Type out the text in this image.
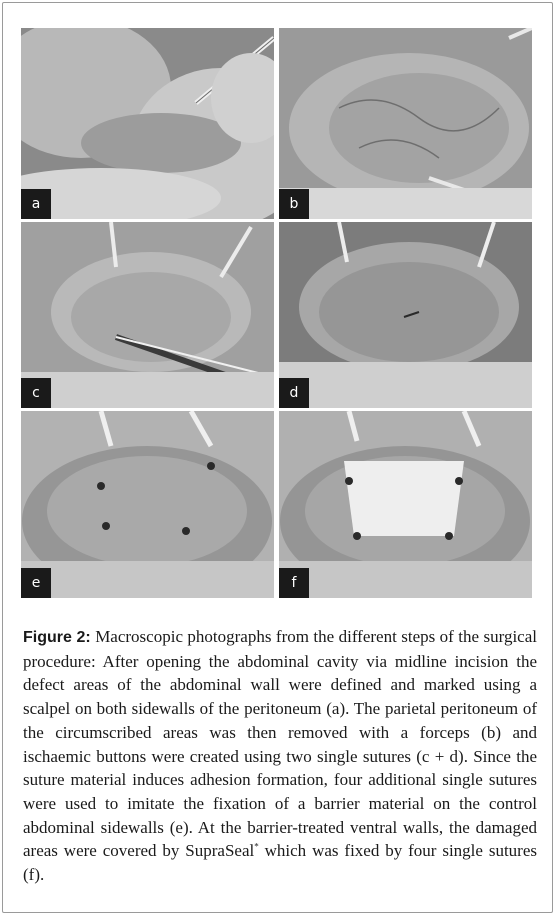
a	b
c	d
e	f

Figure 2: Macroscopic photographs from the different steps of the surgical procedure: After opening the abdominal cavity via midline incision the defect areas of the abdominal wall were defined and marked using a scalpel on both sidewalls of the peritoneum (a). The parietal peritoneum of the circumscribed areas was then removed with a forceps (b) and ischaemic buttons were created using two single sutures (c + d). Since the suture material induces adhesion formation, four additional single sutures were used to imitate the fixation of a barrier material on the control abdominal sidewalls (e). At the barrier-treated ventral walls, the damaged areas were covered by SupraSeal* which was fixed by four single sutures (f).
